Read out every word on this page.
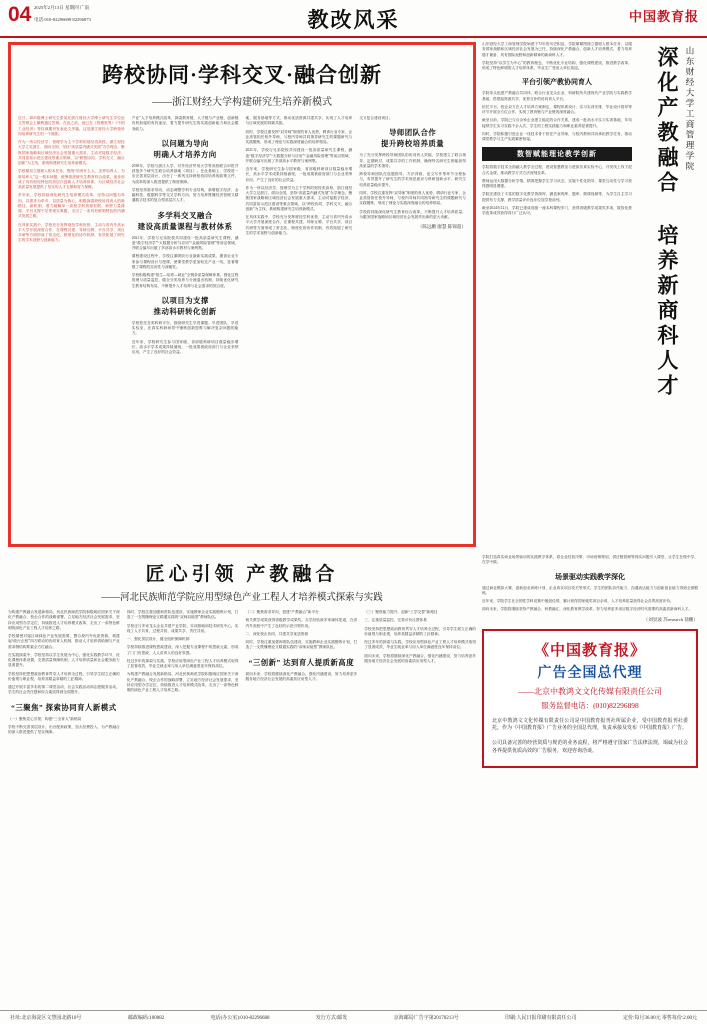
04 2025年2月13日 星期四 广南
电话:010-82296698 82296873	教改风采	中国教育报
跨校协同·学科交叉·融合创新
——浙江财经大学构建研究生培养新模式

近日，2021级博士研究生张某在浙江财经大学博士研究生学位论文答辩会上顺利通过答辩。在此之前，他已在《管理世界》《中国工业经济》等权威期刊发表论文多篇，这是浙江财经大学跨校协同培养研究生的一个缩影。

作为一所以经济学、管理学为主干学科的财经类高校，浙江财经大学立足浙江、面向全国，坚持“高质量内涵式发展”办学理念，聚焦国家战略和区域经济社会发展重大需求，主动对接数字经济、共同富裕示范区建设等重点领域，以“跨校协同、学科交叉、融合创新”为主线，系统构建研究生培养新模式。

学校紧扣立德树人根本任务，围绕“培养什么人、怎样培养人、为谁培养人”这一根本问题，统筹推进研究生教育综合改革，逐步形成了具有财经特色的高层次创新人才培养体系，为区域经济社会高质量发展提供了坚实的人才支撑和智力保障。

多年来，学校持续深化研究生培养模式改革，坚持以问题为导向、以需求为牵引、以质量为核心，积极探索跨校协同育人的新路径、新机制，着力破解单一高校学科资源有限、师资力量薄弱、平台支撑不足等现实难题，走出了一条具有鲜明特色的内涵式发展之路。

在具体实践中，学校充分发挥财经学科优势，主动与省内外高水平大学开展深度合作，在课程共建、导师互聘、平台共享、项目共研等方面形成了常态化、制度化的协作机制，有效拓展了研究生的学术视野与创新能力。

产业”人才培养模式改革，探索教育链、人才链与产业链、创新链有机衔接的有效途径，着力提升研究生的实践创新能力和社会服务能力。

以问题为导向
明确人才培养方向

2018年，学校与浙江大学、对外经济贸易大学等高校联合申报并获批多个研究生联合培养基地（项目）。在此基础上，学校进一步完善顶层设计，出台了一系列支持跨校协同培养的政策文件，为改革的深入推进提供了制度保障。

学校坚持需求导向，动态调整学科专业结构，新增数字经济、金融科技、数据科学等交叉学科方向，努力培养既懂经济管理又精通数字技术的复合型高层次人才。

多学科交叉融合
建设高质量课程与教材体系

2021年，学校与兄弟院校共同建设一批高质量研究生课程，涵盖“数字经济学”“大数据分析与应用”“金融风险管理”等前沿领域，并联合编写出版了多部高水平教材与案例集。

课程建设过程中，学校注重吸收行业最新实践成果，邀请企业专家参与课程设计与授课，使课堂教学更加贴近产业一线，显著增强了课程的实用性与前瞻性。

学校积极构建“招生—培养—就业”全链条质量保障体系，强化过程管理与质量监控，健全分类培养与分流退出机制，持续优化研究生教育结构布局，不断提升人才培养与社会需求的契合度。

以项目为支撑
推动科研转化创新

学校依托各类科研平台，鼓励研究生早进课题、早进团队、早进实验室，在真实科研场景中锤炼创新思维与解决复杂问题的能力。

近年来，学校研究生参与国家级、省部级科研项目数量稳步增长，高水平学术成果持续涌现，一批成果被政府部门与企业采纳应用，产生了良好的社会效益。

地、服务基地等方式，推动优质资源共建共享，实现了人才培养与区域发展的同频共振。

同时，学校注重发挥“双导师”制度的育人优势，聘请行业专家、企业高管担任校外导师，与校内导师共同指导研究生的课题研究与实践锻炼，形成了理论与实践深度融合的培养格局。

2021年，学校与兄弟院校共同建设一批高质量研究生课程，涵盖“数字经济学”“大数据分析与应用”“金融风险管理”等前沿领域，并联合编写出版了多部高水平教材与案例集。

近年来，学校研究生参与国家级、省部级科研项目数量稳步增长，高水平学术成果持续涌现，一批成果被政府部门与企业采纳应用，产生了良好的社会效益。

作为一所以经济学、管理学为主干学科的财经类高校，浙江财经大学立足浙江、面向全国，坚持“高质量内涵式发展”办学理念，聚焦国家战略和区域经济社会发展重大需求，主动对接数字经济、共同富裕示范区建设等重点领域，以“跨校协同、学科交叉、融合创新”为主线，系统构建研究生培养新模式。

在具体实践中，学校充分发挥财经学科优势，主动与省内外高水平大学开展深度合作，在课程共建、导师互聘、平台共享、项目共研等方面形成了常态化、制度化的协作机制，有效拓展了研究生的学术视野与创新能力。

交叉复合建设项目。

导师团队合作
提升跨校培养质量

为了充分发挥跨校导师团队的协同育人效能，学校建立了联合指导、定期研讨、成果共享的工作机制，确保每名研究生都能获得高质量的学术指导。

跨校导师团队在选题指导、方法训练、论文写作等环节全程参与，有效提升了研究生的学术规范意识与科研创新水平，研究生培养质量稳步提升。

同时，学校注重发挥“双导师”制度的育人优势，聘请行业专家、企业高管担任校外导师，与校内导师共同指导研究生的课题研究与实践锻炼，形成了理论与实践深度融合的培养格局。

学校将持续深化研究生教育综合改革，不断提升人才培养质量，为服务国家战略和区域经济社会发展作出新的更大贡献。

（陈远鹏 廖慧 陈锦超）
山东财经大学工商管理学院
深化产教融合 培养新商科人才

山东财经大学工商管理学院始建于72年的历史积淀，学院紧紧围绕立德树人根本任务，以服务国家战略和区域经济社会发展为己任，持续深化产教融合，创新人才培养模式，着力培养德才兼备、具有国际视野和创新精神的新商科人才。

学院坚持“以学生为中心”的教育理念，不断优化专业结构，强化课程建设，推进教学改革，形成了特色鲜明的人才培养体系，毕业生广受用人单位欢迎。

平台引领产教协同育人

学院牵头组建产教融合共同体，联合行业龙头企业、科研院所共建现代产业学院与实践教学基地，搭建起资源共享、优势互补的协同育人平台。

依托平台，校企双方在人才培养方案制定、课程体系设计、实习实训安排、毕业设计指导等环节开展全方位合作，实现了教育链与产业链的深度融合。

截至目前，学院已与百余家企业建立稳定的合作关系，建成一批高水平实习实训基地，年均接纳学生实习实践千余人次，学生的工程实践能力和职业素养显著提升。

同时，学院积极引进企业一线技术骨干担任产业导师，与校内教师共同承担教学任务，推动课堂教学与生产实践紧密衔接。

数智赋能理论教学创新

学院将数字技术全面融入教学全过程，建设智慧教室与虚拟仿真实验中心，开发线上线下混合式金课，推动教学方式方法深刻变革。

教师运用大数据分析学情，精准把握学生学习状态，实施个性化指导，课堂互动性与学习获得感明显增强。

学院还建设了丰富的数字化教学资源库，涵盖案例库、题库、微课视频等，为学生自主学习提供有力支撑，教学质量评价连年位居学校前列。

截至2024年12月，学院已建成省级一流本科课程多门，获得省级教学成果奖多项，数智化教学改革成效获得同行广泛认可。

匠心引领 产教融合
——河北民族师范学院应用型绿色产业工程人才培养模式探索与实践

为构建产教融合发展新格局，河北民族师范学院积极响应国家关于深化产教融合、校企合作的战略部署，立足地方经济社会发展需求，坚持应用型办学定位，持续推进人才培养模式改革，走出了一条特色鲜明的绿色产业工程人才培养之路。

学校紧密对接区域绿色产业发展需要，整合校内外优质资源，构建起“政行企校”四方联动的协同育人机制，推动人才培养供给侧与产业需求侧结构要素全方位融合。

在实践探索中，学校坚持以学生发展为中心，强化实践教学环节，优化课程体系设置，完善质量保障机制，人才培养质量和社会服务能力显著提升。

学校坚持把思想政治教育贯穿人才培养全过程，引导学生树立正确的价值观与职业观，培养其精益求精的工匠精神。

通过开展丰富多彩的第二课堂活动、社会实践活动和志愿服务活动，学生的社会责任感和综合素质得到全面提升。

“三聚焦” 探索协同育人新模式

（一）聚焦党心引领，构建“三全育人”新格局

学校不断完善顶层设计，出台配套政策，加大经费投入，为产教融合的深入推进提供了坚实保障。

同时，学校注重加强师资队伍建设，实施教师企业实践锻炼计划，打造了一支既懂理论又精通实践的“双师双能型”教师队伍。

学校还与多家龙头企业共建产业学院、实训基地和技术研发中心，实现了人才共育、过程共管、成果共享、责任共担。

一、强化顶层设计，健全组织保障机制

学校持续推进课程思政建设，深入挖掘专业课程中的思政元素，形成了门门有思政、人人讲育人的良好氛围。

经过多年的探索与实践，学校应用型绿色产业工程人才培养模式取得了显著成效，毕业生就业率与用人单位满意度连年保持高位。

为构建产教融合发展新格局，河北民族师范学院积极响应国家关于深化产教融合、校企合作的战略部署，立足地方经济社会发展需求，坚持应用型办学定位，持续推进人才培养模式改革，走出了一条特色鲜明的绿色产业工程人才培养之路。

（二）聚焦需求导向，搭建“产教融合”新平台

相关教学成果获得省级教学成果奖，办学经验被多家媒体报道，在省内外高校中产生了良好的示范引领作用。

二、深化校企协同，共建共享优质资源

同时，学校注重加强师资队伍建设，实施教师企业实践锻炼计划，打造了一支既懂理论又精通实践的“双师双能型”教师队伍。

“三创新” 达到育人提质新高度

面向未来，学校将继续深化产教融合，强化内涵建设，努力培养更多服务地方经济社会发展的高素质应用型人才。

（三）聚焦能力提升，创新“工学交替”新路径

三、注重质量监控，完善评价反馈体系

学校坚持把思想政治教育贯穿人才培养全过程，引导学生树立正确的价值观与职业观，培养其精益求精的工匠精神。

经过多年的探索与实践，学校应用型绿色产业工程人才培养模式取得了显著成效，毕业生就业率与用人单位满意度连年保持高位。

面向未来，学校将继续深化产教融合，强化内涵建设，努力培养更多服务地方经济社会发展的高素质应用型人才。

学院打造真实商业场景驱动的实践教学体系，将企业经营决策、市场营销策划、供应链管理等现实问题引入课堂，让学生在做中学、在学中做。

场景驱动实践教学深化

通过商业模拟大赛、创新创业训练计划、企业真实项目攻关等形式，学生的团队协作能力、沟通表达能力与创新创业能力得到全面锻炼。

近年来，学院学生在全国性学科竞赛中屡创佳绩，累计获得国家级奖项百余项，人才培养质量获得社会各界高度评价。

面向未来，学院将继续坚持产教融合、科教融汇，深化教育教学改革，努力培养更多适应数字经济时代需要的高素质新商科人才。

（刘显波 苏research 徐鹏）
《中国教育报》
广告全国总代理
——北京中教鸿文文化传媒有限责任公司
服务监督电话：(010)82296898
北京中教鸿文文化传媒有限责任公司是中国教育报刊社所属企业，受中国教育报刊社委托，作为《中国教育报》广告业务的全国总代理，负责承接及发布《中国教育报》广告。
公司具备完善的经营资质与规范的业务流程，将严格遵守国家广告法律法规，竭诚为社会各界提供优质高效的广告服务，欢迎咨询洽谈。
社址:北京海淀区文慧园北路10号	邮政编码:100082	电话(办公室):010-82296688	发行方式:邮发	京海邮局广告字第20170213号	印刷:人民日报印刷有限责任公司	定价:每月36.00元 零售每份:2.00元
